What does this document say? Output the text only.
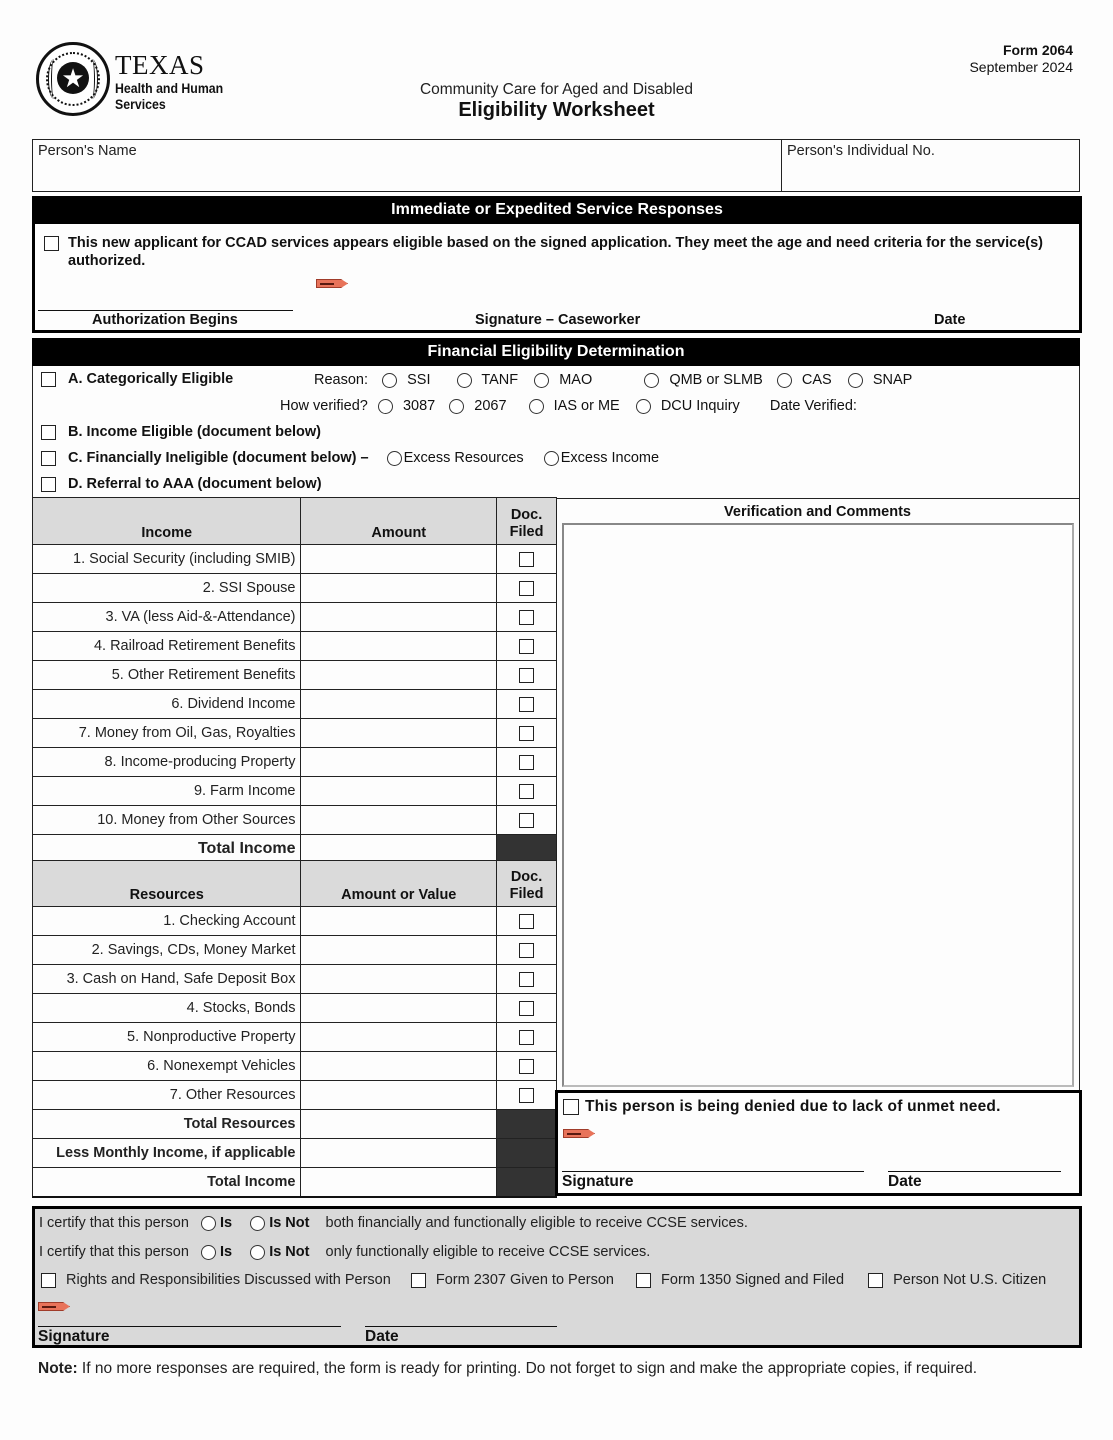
★ TEXAS
Health and Human
Services
Form 2064
September 2024
Community Care for Aged and Disabled
Eligibility Worksheet
Person's Name	Person's Individual No.
Immediate or Expedited Service Responses
This new applicant for CCAD services appears eligible based on the signed application. They meet the age and need criteria for the service(s) authorized.
Authorization Begins	Signature – Caseworker	Date
Financial Eligibility Determination
A. Categorically Eligible	Reason:	SSI	TANF	MAO	QMB or SLMB	CAS	SNAP
How verified? 3087	2067	IAS or ME	DCU Inquiry Date Verified:
B. Income Eligible (document below)
C. Financially Ineligible (document below) – Excess Resources	Excess Income
D. Referral to AAA (document below)
Income	Amount	Doc.
Filed

1. Social Security (including SMIB)		
2. SSI Spouse		
3. VA (less Aid-&-Attendance)		
4. Railroad Retirement Benefits		
5. Other Retirement Benefits		
6. Dividend Income		
7. Money from Oil, Gas, Royalties		
8. Income-producing Property		
9. Farm Income		
10. Money from Other Sources		
Total Income		
Resources	Amount or Value	Doc.
Filed

1. Checking Account		
2. Savings, CDs, Money Market		
3. Cash on Hand, Safe Deposit Box		
4. Stocks, Bonds		
5. Nonproductive Property		
6. Nonexempt Vehicles		
7. Other Resources		
Total Resources		
Less Monthly Income, if applicable		
Total Income		
Verification and Comments
This person is being denied due to lack of unmet need.
Signature	Date
I certify that this person Is	Is Not both financially and functionally eligible to receive CCSE services.
I certify that this person Is	Is Not only functionally eligible to receive CCSE services.
Rights and Responsibilities Discussed with Person	Form 2307 Given to Person	Form 1350 Signed and Filed	Person Not U.S. Citizen
Signature	Date
Note: If no more responses are required, the form is ready for printing. Do not forget to sign and make the appropriate copies, if required.
